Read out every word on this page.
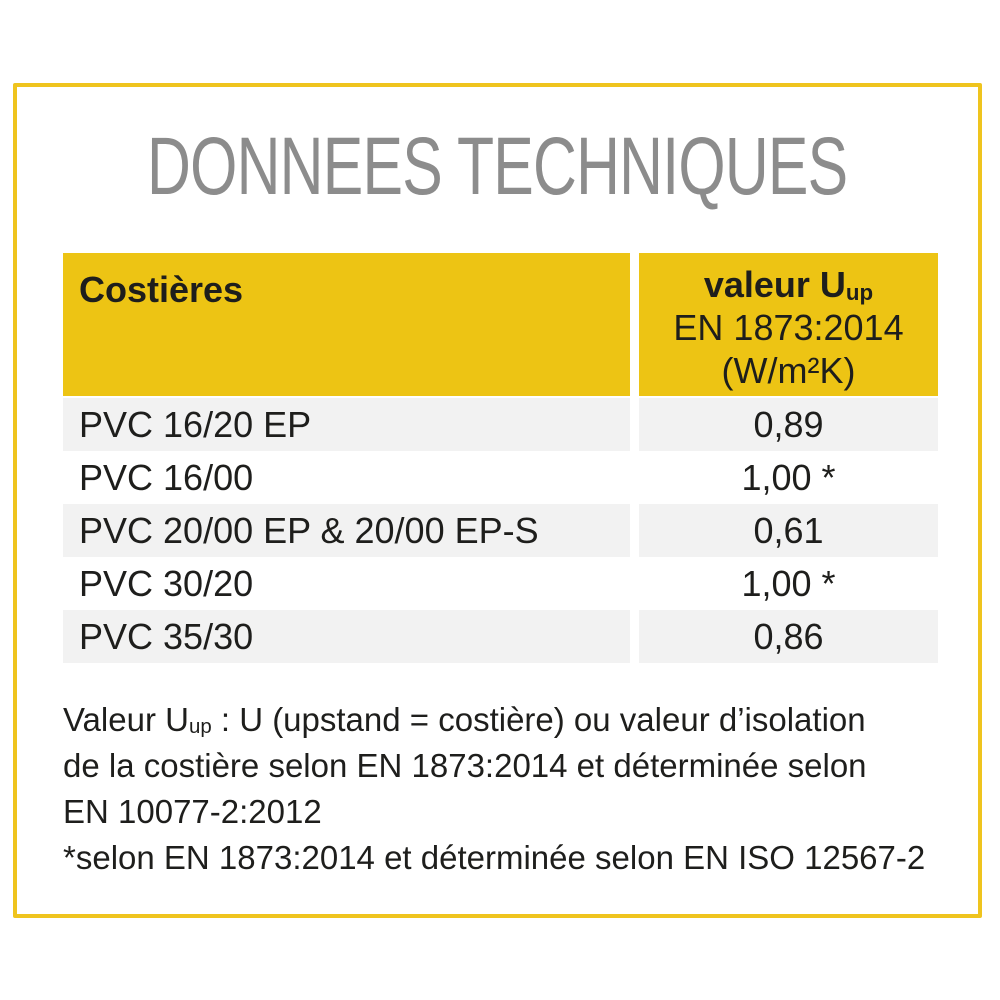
DONNEES TECHNIQUES
Costières	valeur $U_{up}$
EN 1873:2014
(W/m²K)
PVC 16/20 EP	0,89
PVC 16/00	1,00 *
PVC 20/00 EP & 20/00 EP-S	0,61
PVC 30/20	1,00 *
PVC 35/30	0,86

Valeur $U_{up}$ : U (upstand = costière) ou valeur d’isolation

de la costière selon EN 1873:2014 et déterminée selon

EN 10077-2:2012

*selon EN 1873:2014 et déterminée selon EN ISO 12567-2
